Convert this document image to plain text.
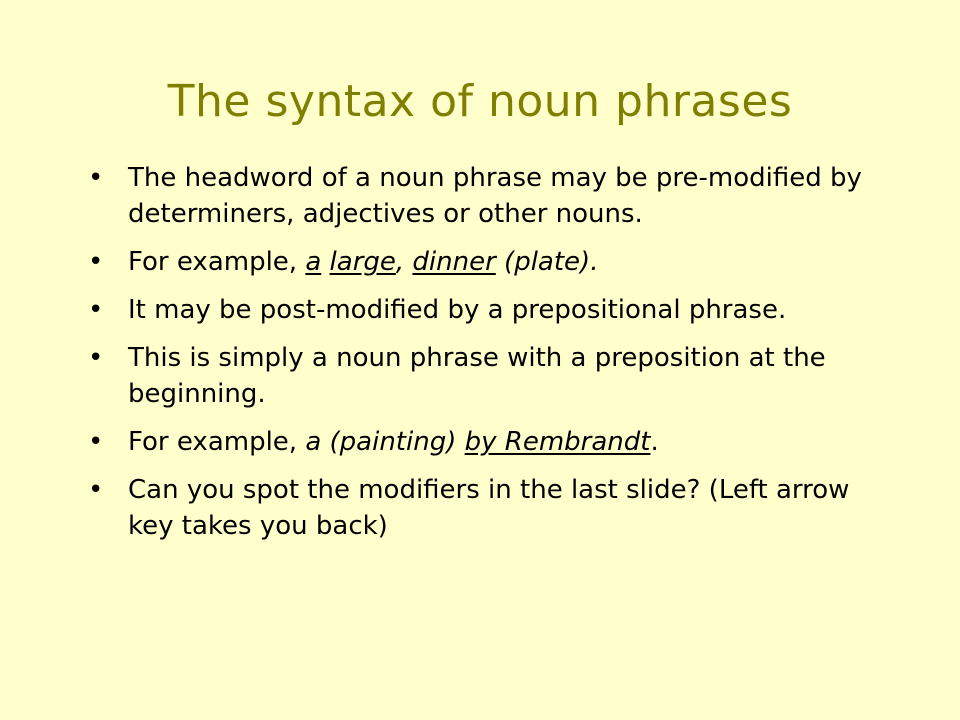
The syntax of noun phrases
• The headword of a noun phrase may be pre-modified by determiners, adjectives or other nouns.
• For example, a large, dinner (plate).
• It may be post-modified by a prepositional phrase.
• This is simply a noun phrase with a preposition at the beginning.
• For example, a (painting) by Rembrandt.
• Can you spot the modifiers in the last slide? (Left arrow key takes you back)
